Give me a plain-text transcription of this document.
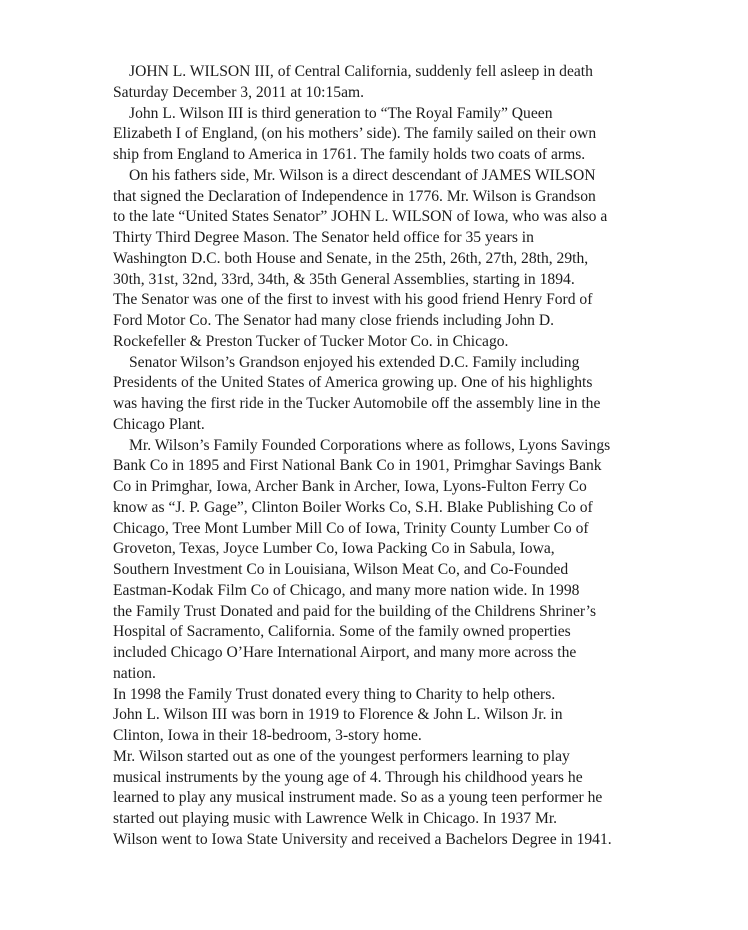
JOHN L. WILSON III, of Central California, suddenly fell asleep in death
Saturday December 3, 2011 at 10:15am.
John L. Wilson III is third generation to “The Royal Family” Queen
Elizabeth I of England, (on his mothers’ side). The family sailed on their own
ship from England to America in 1761. The family holds two coats of arms.
On his fathers side, Mr. Wilson is a direct descendant of JAMES WILSON
that signed the Declaration of Independence in 1776. Mr. Wilson is Grandson
to the late “United States Senator” JOHN L. WILSON of Iowa, who was also a
Thirty Third Degree Mason. The Senator held office for 35 years in
Washington D.C. both House and Senate, in the 25th, 26th, 27th, 28th, 29th,
30th, 31st, 32nd, 33rd, 34th, & 35th General Assemblies, starting in 1894.
The Senator was one of the first to invest with his good friend Henry Ford of
Ford Motor Co. The Senator had many close friends including John D.
Rockefeller & Preston Tucker of Tucker Motor Co. in Chicago.
Senator Wilson’s Grandson enjoyed his extended D.C. Family including
Presidents of the United States of America growing up. One of his highlights
was having the first ride in the Tucker Automobile off the assembly line in the
Chicago Plant.
Mr. Wilson’s Family Founded Corporations where as follows, Lyons Savings
Bank Co in 1895 and First National Bank Co in 1901, Primghar Savings Bank
Co in Primghar, Iowa, Archer Bank in Archer, Iowa, Lyons-Fulton Ferry Co
know as “J. P. Gage”, Clinton Boiler Works Co, S.H. Blake Publishing Co of
Chicago, Tree Mont Lumber Mill Co of Iowa, Trinity County Lumber Co of
Groveton, Texas, Joyce Lumber Co, Iowa Packing Co in Sabula, Iowa,
Southern Investment Co in Louisiana, Wilson Meat Co, and Co-Founded
Eastman-Kodak Film Co of Chicago, and many more nation wide. In 1998
the Family Trust Donated and paid for the building of the Childrens Shriner’s
Hospital of Sacramento, California. Some of the family owned properties
included Chicago O’Hare International Airport, and many more across the
nation.
In 1998 the Family Trust donated every thing to Charity to help others.
John L. Wilson III was born in 1919 to Florence & John L. Wilson Jr. in
Clinton, Iowa in their 18-bedroom, 3-story home.
Mr. Wilson started out as one of the youngest performers learning to play
musical instruments by the young age of 4. Through his childhood years he
learned to play any musical instrument made. So as a young teen performer he
started out playing music with Lawrence Welk in Chicago. In 1937 Mr.
Wilson went to Iowa State University and received a Bachelors Degree in 1941.
